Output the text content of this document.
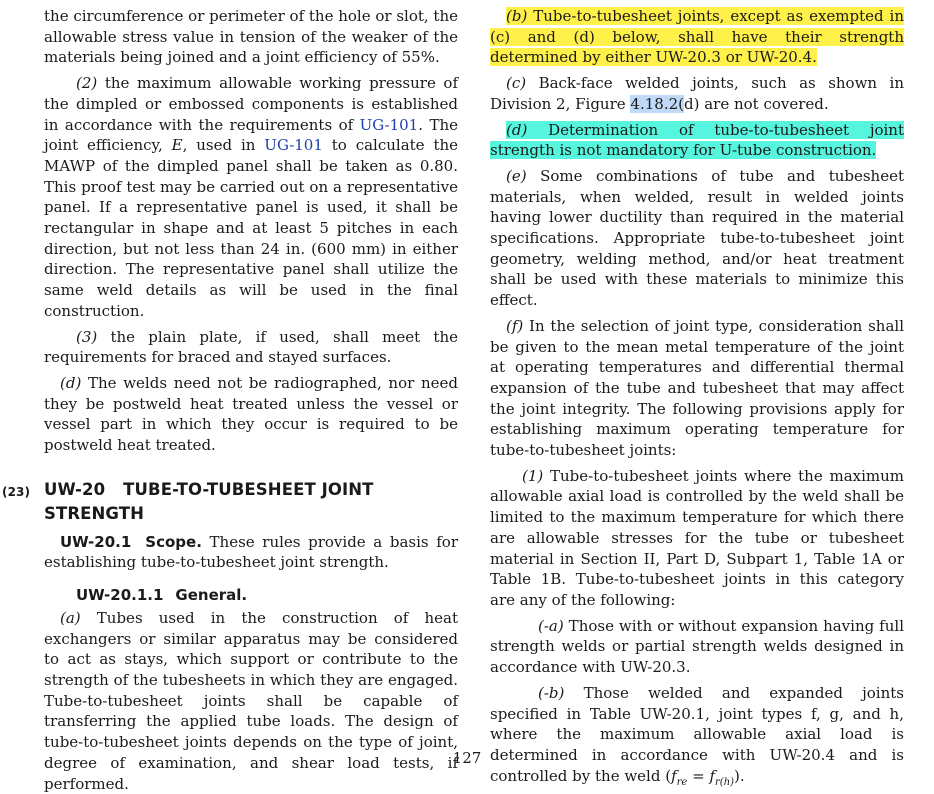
the circumference or perimeter of the hole or slot, the allowable stress value in tension of the weaker of the materials being joined and a joint efficiency of 55%.

(2) the maximum allowable working pressure of the dimpled or embossed components is established in accordance with the requirements of UG-101. The joint efficiency, E, used in UG-101 to calculate the MAWP of the dimpled panel shall be taken as 0.80. This proof test may be carried out on a representative panel. If a representative panel is used, it shall be rectangular in shape and at least 5 pitches in each direction, but not less than 24 in. (600 mm) in either direction. The representative panel shall utilize the same weld details as will be used in the final construction.

(3) the plain plate, if used, shall meet the requirements for braced and stayed surfaces.

(d) The welds need not be radiographed, nor need they be postweld heat treated unless the vessel or vessel part in which they occur is required to be postweld heat treated.

(23) UW-20 TUBE-TO-TUBESHEET JOINT STRENGTH

UW-20.1 Scope. These rules provide a basis for establishing tube-to-tubesheet joint strength.

UW-20.1.1 General.

(a) Tubes used in the construction of heat exchangers or similar apparatus may be considered to act as stays, which support or contribute to the strength of the tubesheets in which they are engaged. Tube-to-tubesheet joints shall be capable of transferring the applied tube loads. The design of tube-to-tubesheet joints depends on the type of joint, degree of examination, and shear load tests, if performed.

(b) Tube-to-tubesheet joints, except as exempted in (c) and (d) below, shall have their strength determined by either UW-20.3 or UW-20.4.

(c) Back-face welded joints, such as shown in Division 2, Figure 4.18.2(d) are not covered.

(d) Determination of tube-to-tubesheet joint strength is not mandatory for U-tube construction.

(e) Some combinations of tube and tubesheet materials, when welded, result in welded joints having lower ductility than required in the material specifications. Appropriate tube-to-tubesheet joint geometry, welding method, and/or heat treatment shall be used with these materials to minimize this effect.

(f) In the selection of joint type, consideration shall be given to the mean metal temperature of the joint at operating temperatures and differential thermal expansion of the tube and tubesheet that may affect the joint integrity. The following provisions apply for establishing maximum operating temperature for tube-to-tubesheet joints:

(1) Tube-to-tubesheet joints where the maximum allowable axial load is controlled by the weld shall be limited to the maximum temperature for which there are allowable stresses for the tube or tubesheet material in Section II, Part D, Subpart 1, Table 1A or Table 1B. Tube-to-tubesheet joints in this category are any of the following:

(-a) Those with or without expansion having full strength welds or partial strength welds designed in accordance with UW-20.3.

(-b) Those welded and expanded joints specified in Table UW-20.1, joint types f, g, and h, where the maximum allowable axial load is determined in accordance with UW-20.4 and is controlled by the weld $(f_{re} = f_{r(h)})$.

127
